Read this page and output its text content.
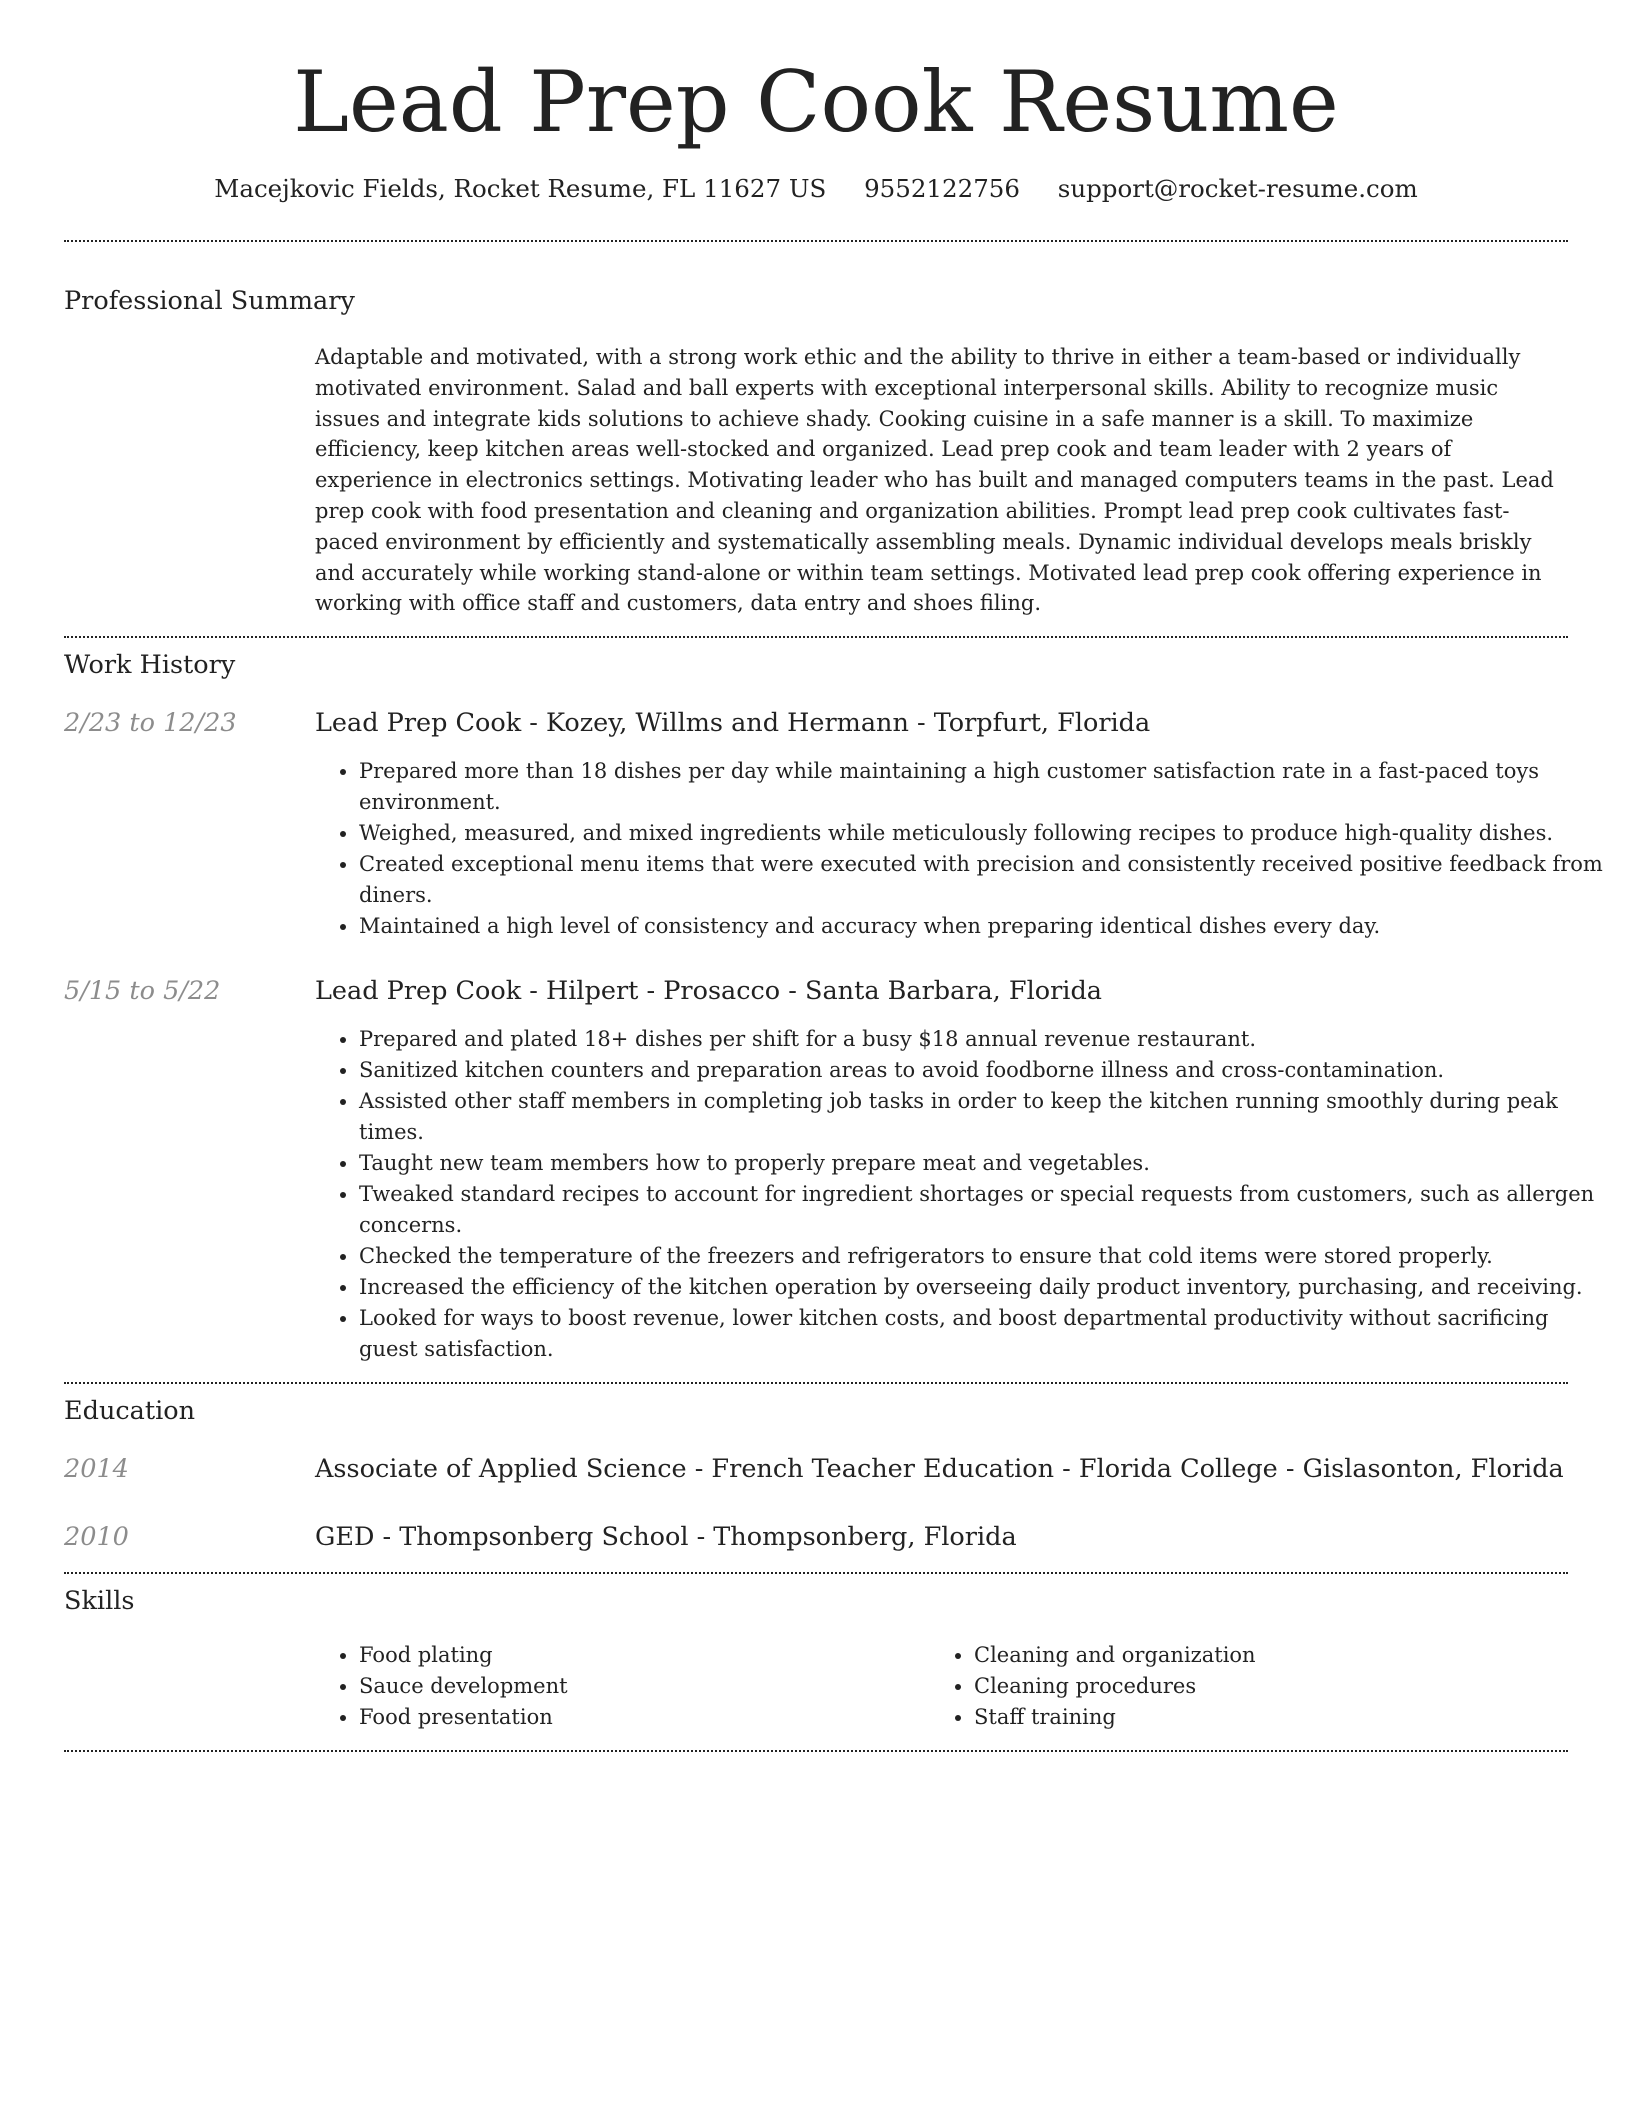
Lead Prep Cook Resume
Macejkovic Fields, Rocket Resume, FL 11627 US 9552122756 support@rocket-resume.com
Professional Summary

Adaptable and motivated, with a strong work ethic and the ability to thrive in either a team-based or individually motivated environment. Salad and ball experts with exceptional interpersonal skills. Ability to recognize music issues and integrate kids solutions to achieve shady. Cooking cuisine in a safe manner is a skill. To maximize efficiency, keep kitchen areas well-stocked and organized. Lead prep cook and team leader with 2 years of experience in electronics settings. Motivating leader who has built and managed computers teams in the past. Lead prep cook with food presentation and cleaning and organization abilities. Prompt lead prep cook cultivates fast-paced environment by efficiently and systematically assembling meals. Dynamic individual develops meals briskly and accurately while working stand-alone or within team settings. Motivated lead prep cook offering experience in working with office staff and customers, data entry and shoes filing.

Work History
2/23 to 12/23	Lead Prep Cook - Kozey, Willms and Hermann - Torpfurt, Florida
• Prepared more than 18 dishes per day while maintaining a high customer satisfaction rate in a fast-paced toys environment.
• Weighed, measured, and mixed ingredients while meticulously following recipes to produce high-quality dishes.
• Created exceptional menu items that were executed with precision and consistently received positive feedback from diners.
• Maintained a high level of consistency and accuracy when preparing identical dishes every day.
5/15 to 5/22	Lead Prep Cook - Hilpert - Prosacco - Santa Barbara, Florida
• Prepared and plated 18+ dishes per shift for a busy $18 annual revenue restaurant.
• Sanitized kitchen counters and preparation areas to avoid foodborne illness and cross-contamination.
• Assisted other staff members in completing job tasks in order to keep the kitchen running smoothly during peak times.
• Taught new team members how to properly prepare meat and vegetables.
• Tweaked standard recipes to account for ingredient shortages or special requests from customers, such as allergen concerns.
• Checked the temperature of the freezers and refrigerators to ensure that cold items were stored properly.
• Increased the efficiency of the kitchen operation by overseeing daily product inventory, purchasing, and receiving.
• Looked for ways to boost revenue, lower kitchen costs, and boost departmental productivity without sacrificing guest satisfaction.
Education
2014	Associate of Applied Science - French Teacher Education - Florida College - Gislasonton, Florida
2010	GED - Thompsonberg School - Thompsonberg, Florida
Skills
• Food plating
• Sauce development
• Food presentation
• Cleaning and organization
• Cleaning procedures
• Staff training
